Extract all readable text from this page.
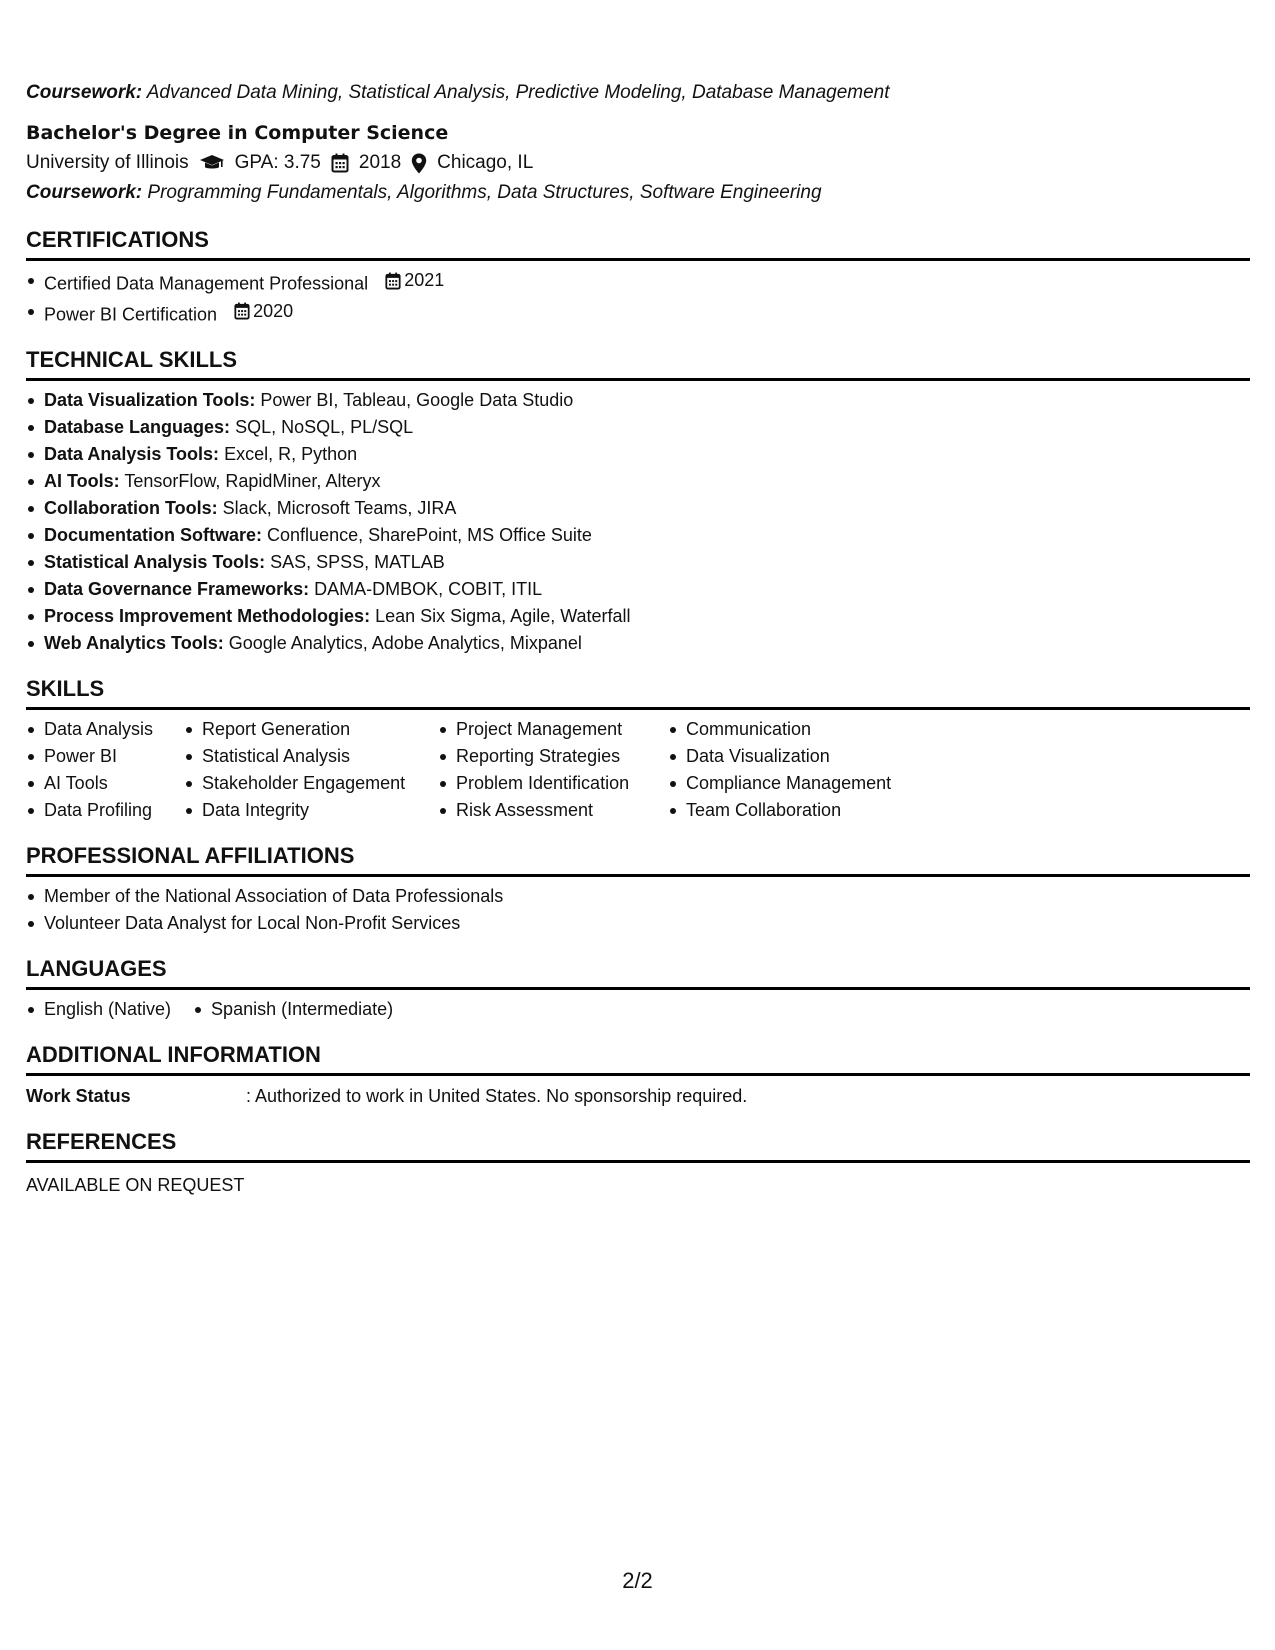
Coursework: Advanced Data Mining, Statistical Analysis, Predictive Modeling, Database Management
Bachelor's Degree in Computer Science
University of Illinois GPA: 3.75 2018 Chicago, IL
Coursework: Programming Fundamentals, Algorithms, Data Structures, Software Engineering
CERTIFICATIONS
Certified Data Management Professional 2021
Power BI Certification 2020
TECHNICAL SKILLS
Data Visualization Tools: Power BI, Tableau, Google Data Studio
Database Languages: SQL, NoSQL, PL/SQL
Data Analysis Tools: Excel, R, Python
AI Tools: TensorFlow, RapidMiner, Alteryx
Collaboration Tools: Slack, Microsoft Teams, JIRA
Documentation Software: Confluence, SharePoint, MS Office Suite
Statistical Analysis Tools: SAS, SPSS, MATLAB
Data Governance Frameworks: DAMA-DMBOK, COBIT, ITIL
Process Improvement Methodologies: Lean Six Sigma, Agile, Waterfall
Web Analytics Tools: Google Analytics, Adobe Analytics, Mixpanel
SKILLS
Data Analysis
Power BI
AI Tools
Data Profiling
Report Generation
Statistical Analysis
Stakeholder Engagement
Data Integrity
Project Management
Reporting Strategies
Problem Identification
Risk Assessment
Communication
Data Visualization
Compliance Management
Team Collaboration
PROFESSIONAL AFFILIATIONS
Member of the National Association of Data Professionals
Volunteer Data Analyst for Local Non-Profit Services
LANGUAGES
English (Native)	Spanish (Intermediate)
ADDITIONAL INFORMATION
Work Status	: Authorized to work in United States. No sponsorship required.
REFERENCES
AVAILABLE ON REQUEST
2/2
